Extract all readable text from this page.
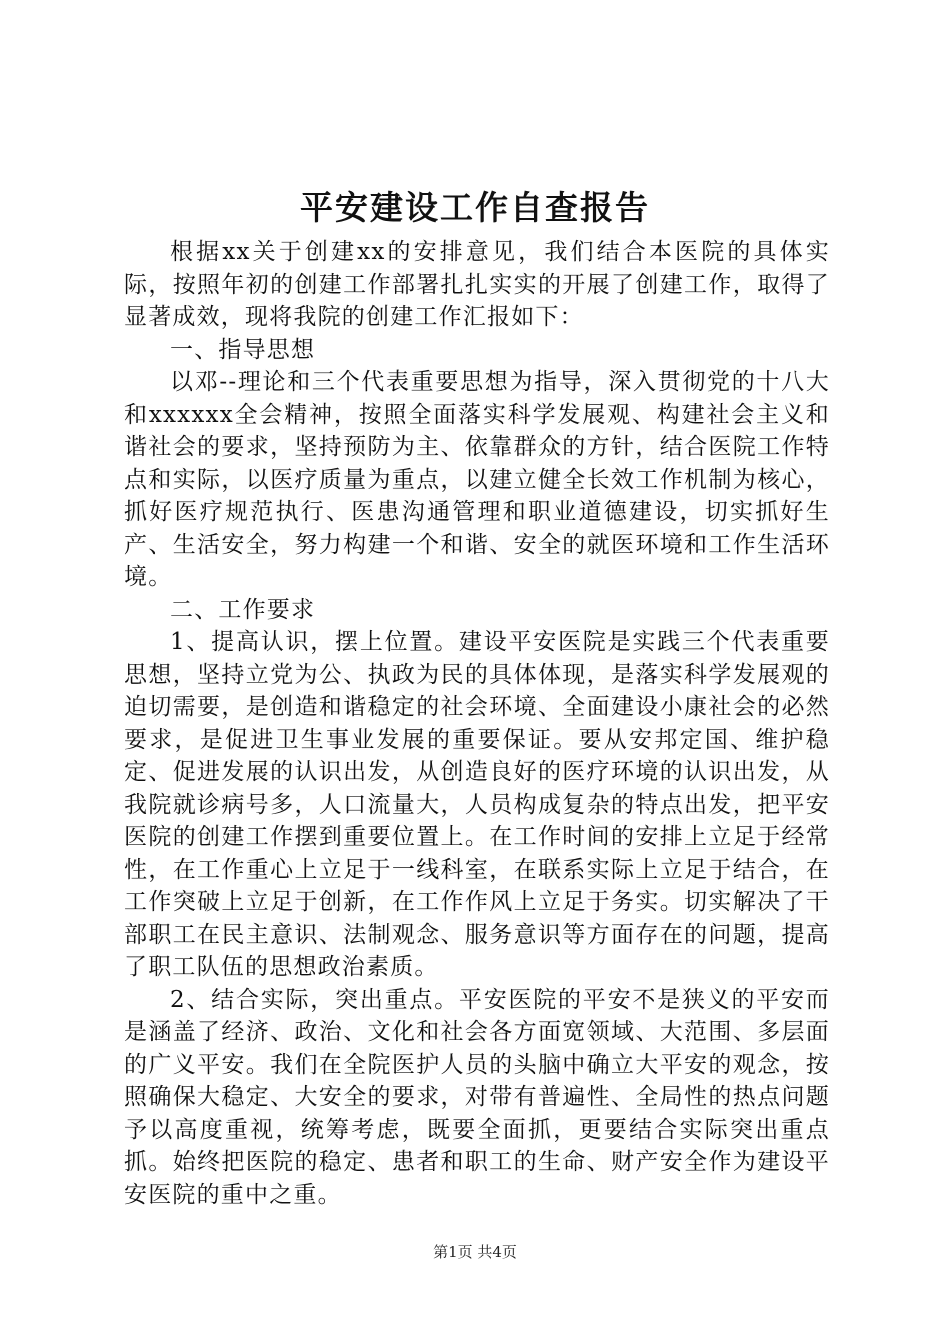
平安建设工作自查报告

根据xx关于创建xx的安排意见，我们结合本医院的具体实际，按照年初的创建工作部署扎扎实实的开展了创建工作，取得了显著成效，现将我院的创建工作汇报如下：

一、指导思想

以邓--理论和三个代表重要思想为指导，深入贯彻党的十八大和xxxxxx全会精神，按照全面落实科学发展观、构建社会主义和谐社会的要求，坚持预防为主、依靠群众的方针，结合医院工作特点和实际，以医疗质量为重点，以建立健全长效工作机制为核心，抓好医疗规范执行、医患沟通管理和职业道德建设，切实抓好生产、生活安全，努力构建一个和谐、安全的就医环境和工作生活环境。

二、工作要求

1、提高认识，摆上位置。建设平安医院是实践三个代表重要思想，坚持立党为公、执政为民的具体体现，是落实科学发展观的迫切需要，是创造和谐稳定的社会环境、全面建设小康社会的必然要求，是促进卫生事业发展的重要保证。要从安邦定国、维护稳定、促进发展的认识出发，从创造良好的医疗环境的认识出发，从我院就诊病号多，人口流量大，人员构成复杂的特点出发，把平安医院的创建工作摆到重要位置上。在工作时间的安排上立足于经常性，在工作重心上立足于一线科室，在联系实际上立足于结合，在工作突破上立足于创新，在工作作风上立足于务实。切实解决了干部职工在民主意识、法制观念、服务意识等方面存在的问题，提高了职工队伍的思想政治素质。

2、结合实际，突出重点。平安医院的平安不是狭义的平安而是涵盖了经济、政治、文化和社会各方面宽领域、大范围、多层面的广义平安。我们在全院医护人员的头脑中确立大平安的观念，按照确保大稳定、大安全的要求，对带有普遍性、全局性的热点问题予以高度重视，统筹考虑，既要全面抓，更要结合实际突出重点抓。始终把医院的稳定、患者和职工的生命、财产安全作为建设平安医院的重中之重。

第1页 共4页
